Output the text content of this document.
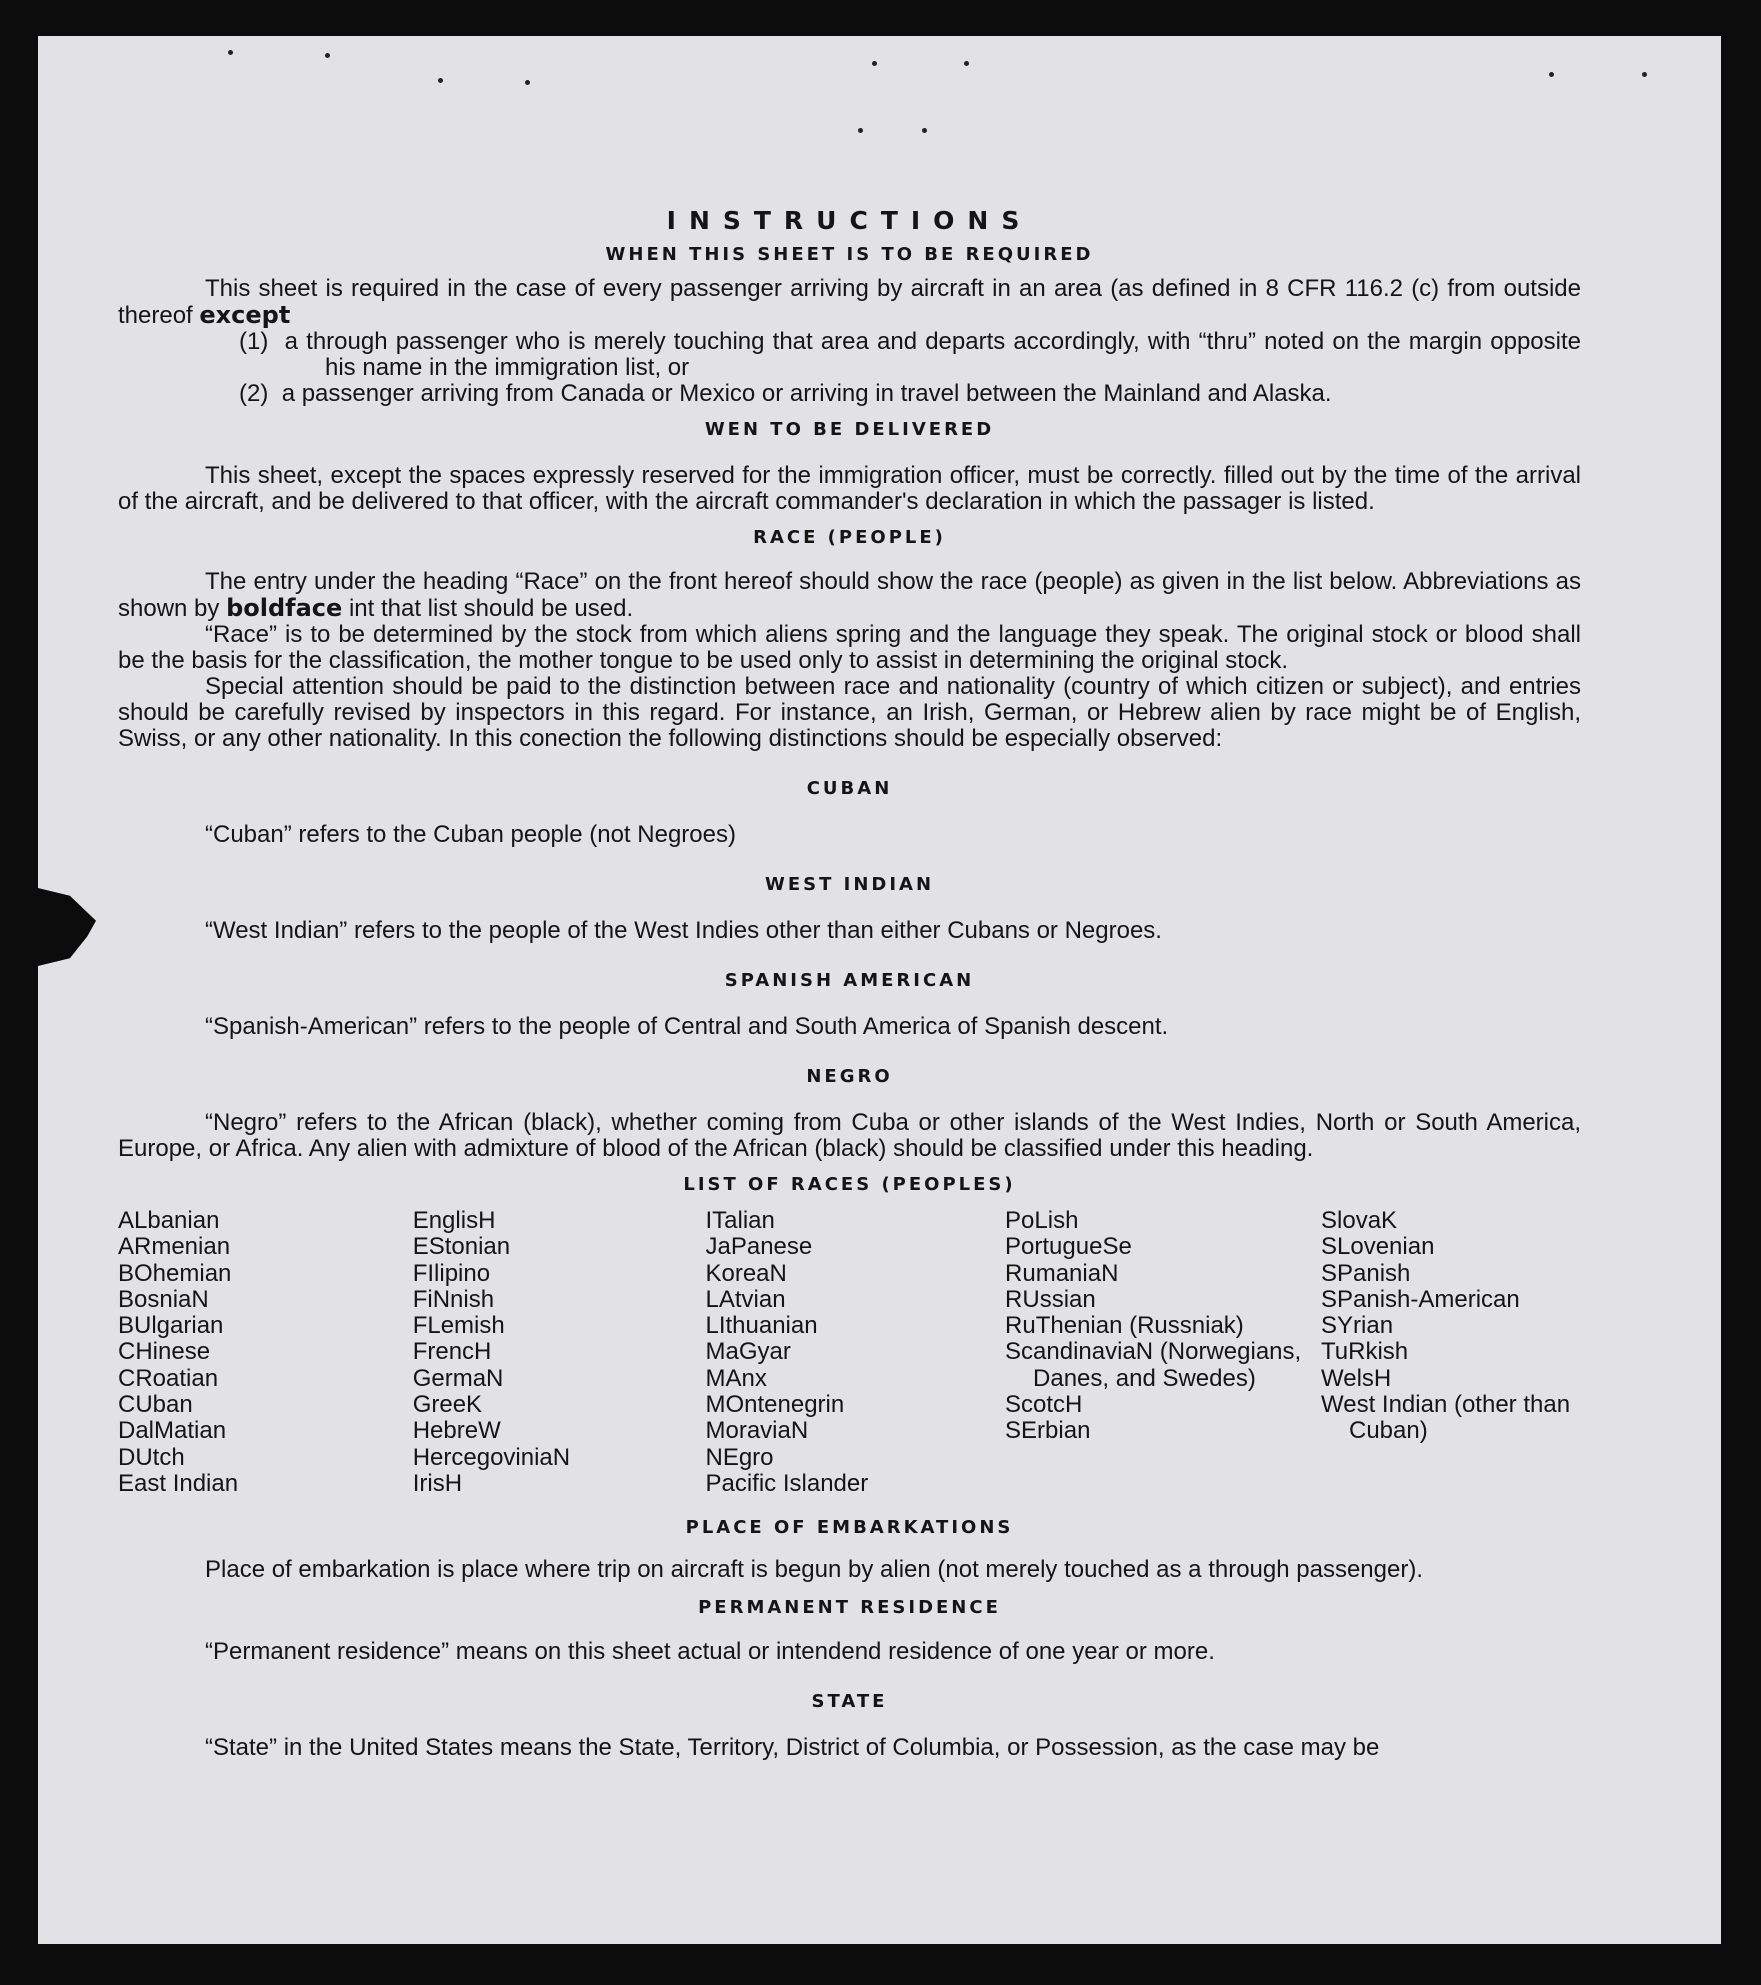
INSTRUCTIONS
WHEN THIS SHEET IS TO BE REQUIRED

This sheet is required in the case of every passenger arriving by aircraft in an area (as defined in 8 CFR 116.2 (c) from outside thereof except

(1) a through passenger who is merely touching that area and departs accordingly, with “thru” noted on the margin opposite his name in the immigration list, or
(2) a passenger arriving from Canada or Mexico or arriving in travel between the Mainland and Alaska.
WEN TO BE DELIVERED

This sheet, except the spaces expressly reserved for the immigration officer, must be correctly. filled out by the time of the arrival of the aircraft, and be delivered to that officer, with the aircraft commander's declaration in which the passager is listed.

RACE (PEOPLE)

The entry under the heading “Race” on the front hereof should show the race (people) as given in the list below. Abbreviations as shown by boldface int that list should be used.

“Race” is to be determined by the stock from which aliens spring and the language they speak. The original stock or blood shall be the basis for the classification, the mother tongue to be used only to assist in determining the original stock.

Special attention should be paid to the distinction between race and nationality (country of which citizen or subject), and entries should be carefully revised by inspectors in this regard. For instance, an Irish, German, or Hebrew alien by race might be of English, Swiss, or any other nationality. In this conection the following distinctions should be especially observed:

CUBAN

“Cuban” refers to the Cuban people (not Negroes)

WEST INDIAN

“West Indian” refers to the people of the West Indies other than either Cubans or Negroes.

SPANISH AMERICAN

“Spanish-American” refers to the people of Central and South America of Spanish descent.

NEGRO

“Negro” refers to the African (black), whether coming from Cuba or other islands of the West Indies, North or South America, Europe, or Africa. Any alien with admixture of blood of the African (black) should be classified under this heading.

LIST OF RACES (PEOPLES)
ALbanian
ARmenian
BOhemian
BosniaN
BUlgarian
CHinese
CRoatian
CUban
DalMatian
DUtch
East Indian
EnglisH
EStonian
FIlipino
FiNnish
FLemish
FrencH
GermaN
GreeK
HebreW
HercegoviniaN
IrisH
ITalian
JaPanese
KoreaN
LAtvian
LIthuanian
MaGyar
MAnx
MOntenegrin
MoraviaN
NEgro
Pacific Islander
PoLish
PortugueSe
RumaniaN
RUssian
RuThenian (Russniak)
ScandinaviaN (Norwegians, Danes, and Swedes)
ScotcH
SErbian
SlovaK
SLovenian
SPanish
SPanish-American
SYrian
TuRkish
WelsH
West Indian (other than Cuban)
PLACE OF EMBARKATIONS

Place of embarkation is place where trip on aircraft is begun by alien (not merely touched as a through passenger).

PERMANENT RESIDENCE

“Permanent residence” means on this sheet actual or intendend residence of one year or more.

STATE

“State” in the United States means the State, Territory, District of Columbia, or Possession, as the case may be
